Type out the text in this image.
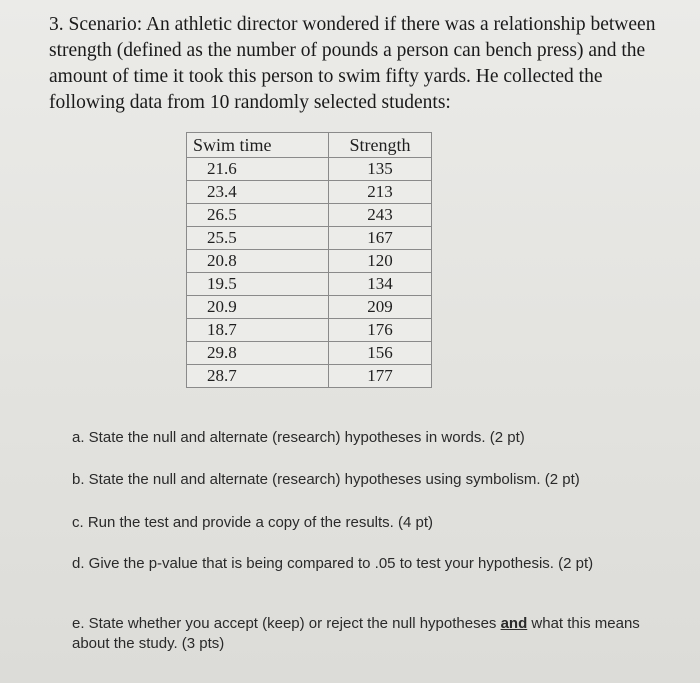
3. Scenario: An athletic director wondered if there was a relationship between strength (defined as the number of pounds a person can bench press) and the amount of time it took this person to swim fifty yards. He collected the following data from 10 randomly selected students:

Swim time	Strength
21.6	135
23.4	213
26.5	243
25.5	167
20.8	120
19.5	134
20.9	209
18.7	176
29.8	156
28.7	177

a. State the null and alternate (research) hypotheses in words. (2 pt)

b. State the null and alternate (research) hypotheses using symbolism. (2 pt)

c. Run the test and provide a copy of the results. (4 pt)

d. Give the p-value that is being compared to .05 to test your hypothesis. (2 pt)

e. State whether you accept (keep) or reject the null hypotheses and what this means about the study. (3 pts)
